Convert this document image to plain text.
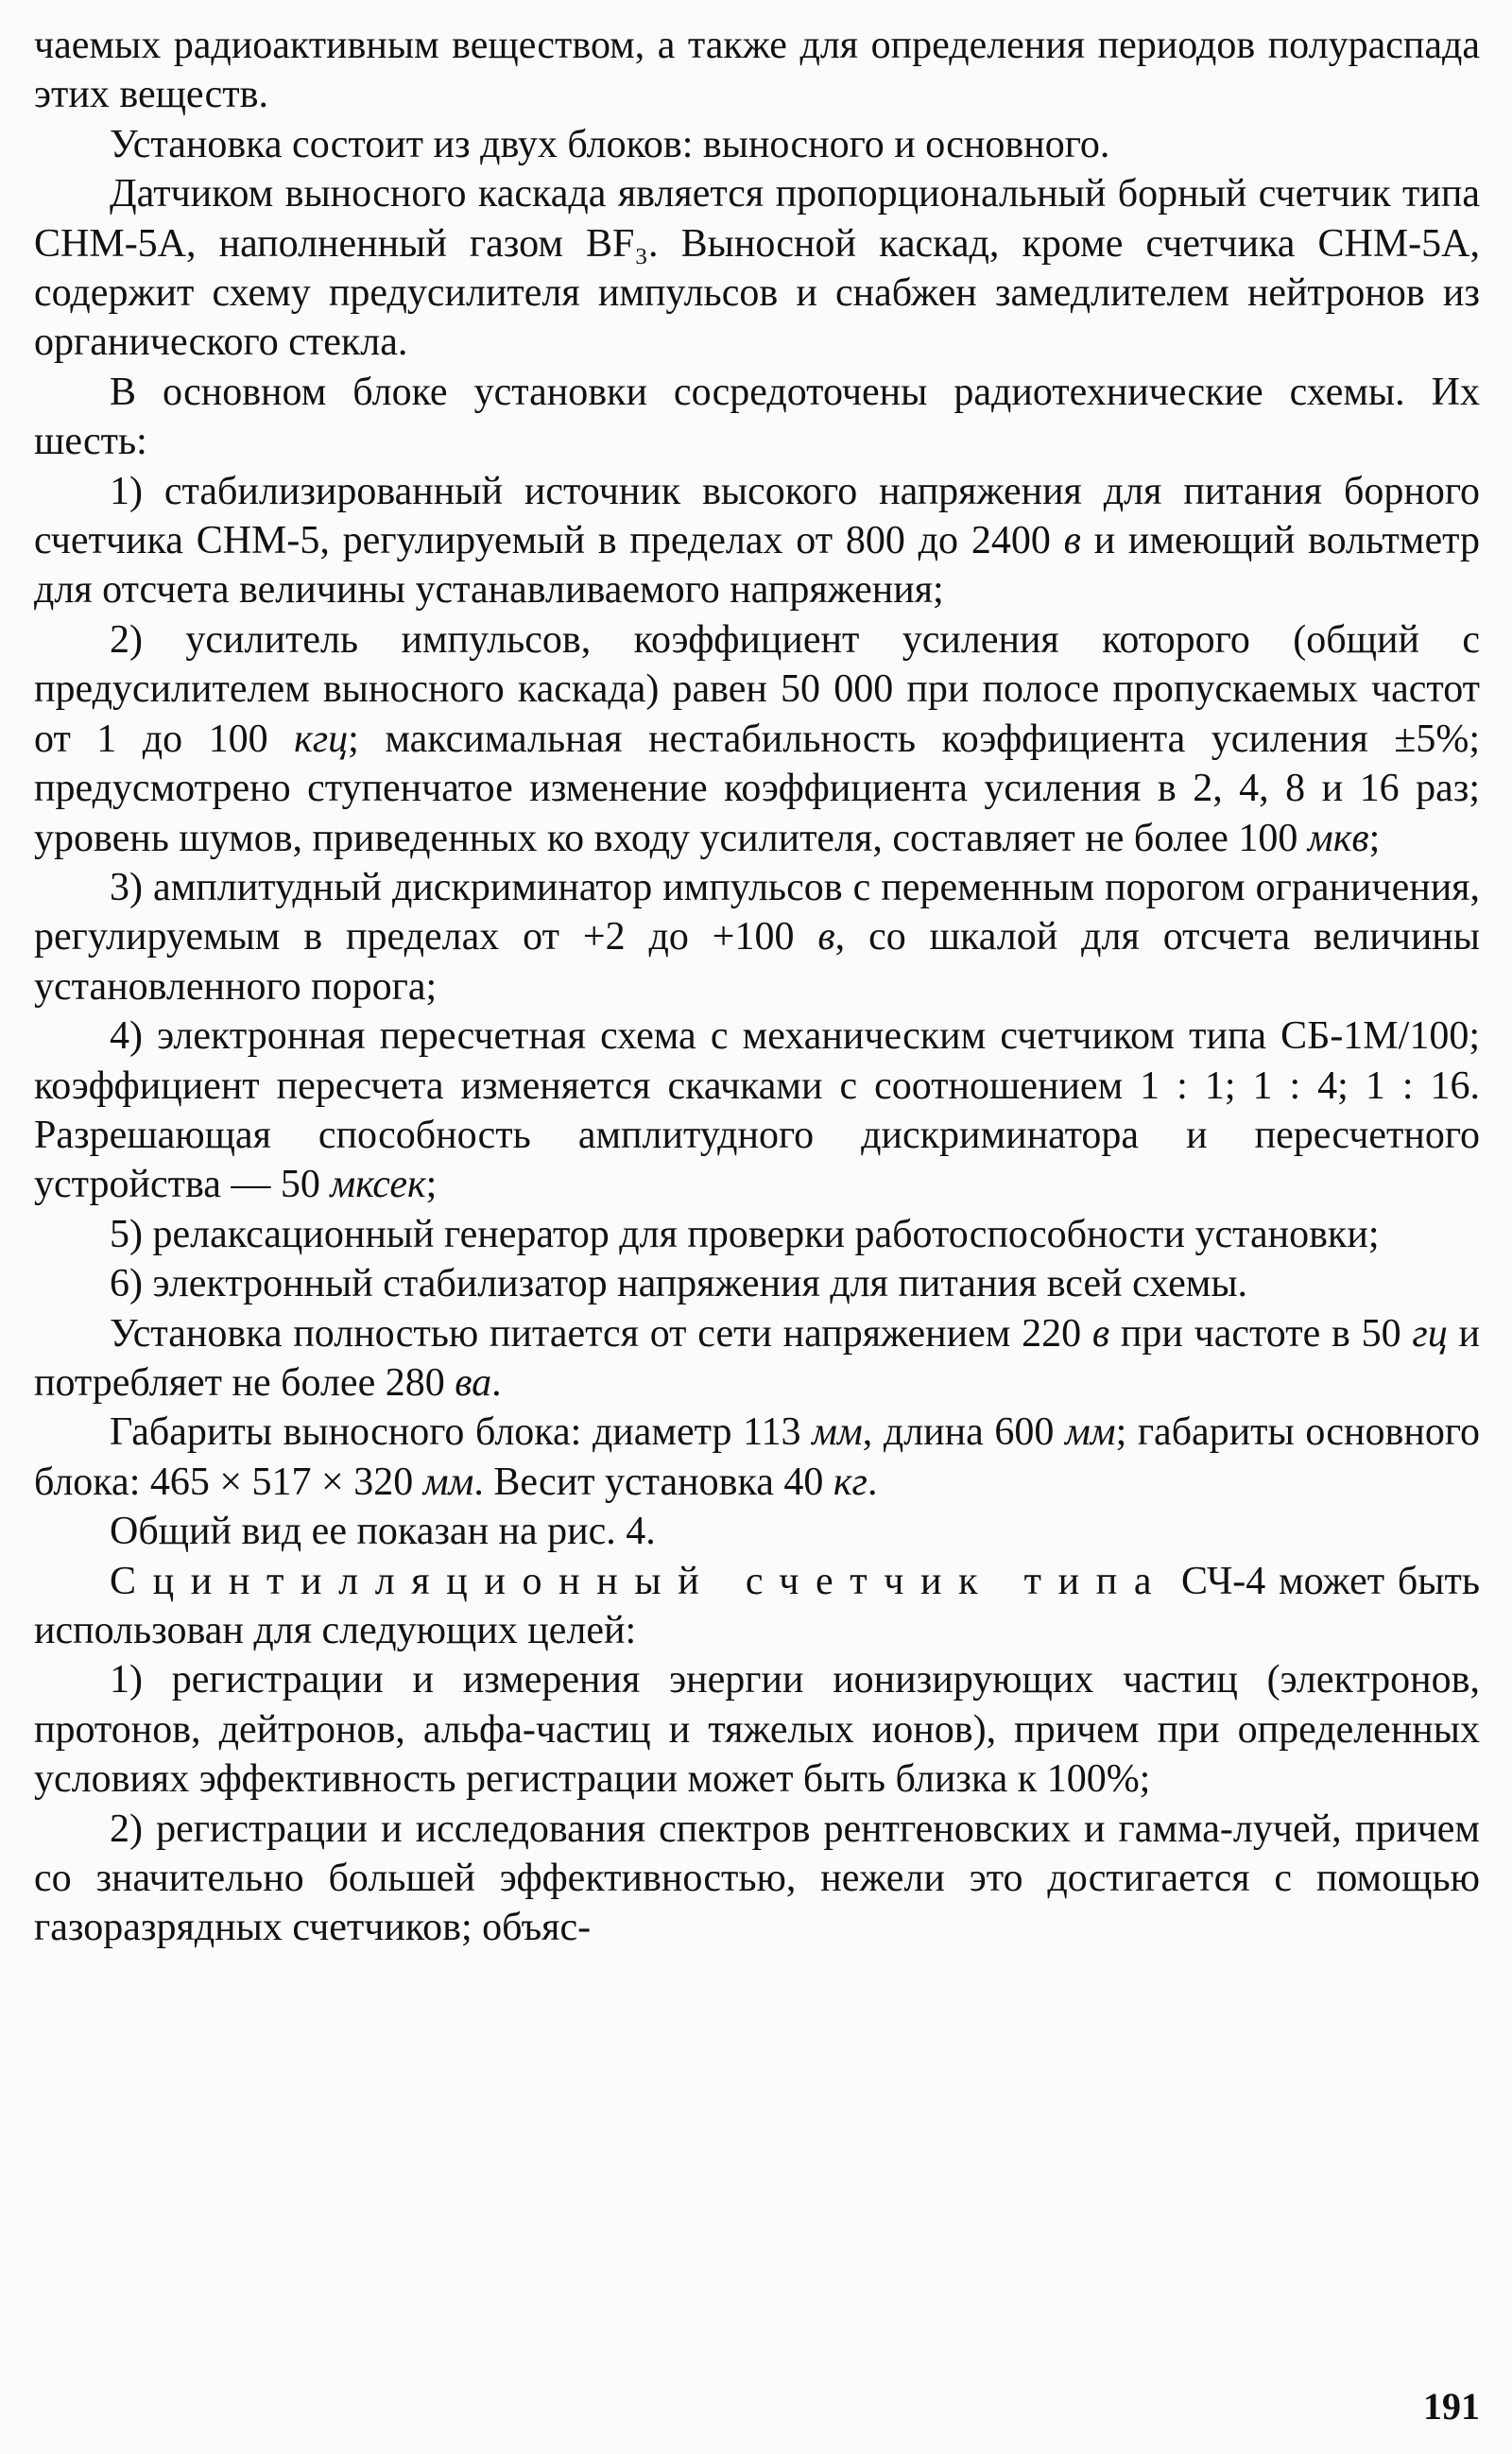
чаемых радиоактивным веществом, а также для определения периодов полураспада этих веществ.

Установка состоит из двух блоков: выносного и основного.

Датчиком выносного каскада является пропорциональный борный счетчик типа СНМ-5А, наполненный газом BF₃. Выносной каскад, кроме счетчика СНМ-5А, содержит схему предусилителя импульсов и снабжен замедлителем нейтронов из органического стекла.

В основном блоке установки сосредоточены радиотехнические схемы. Их шесть:

1) стабилизированный источник высокого напряжения для питания борного счетчика СНМ-5, регулируемый в пределах от 800 до 2400 в и имеющий вольтметр для отсчета величины устанавливаемого напряжения;

2) усилитель импульсов, коэффициент усиления которого (общий с предусилителем выносного каскада) равен 50 000 при полосе пропускаемых частот от 1 до 100 кгц; максимальная нестабильность коэффициента усиления ±5%; предусмотрено ступенчатое изменение коэффициента усиления в 2, 4, 8 и 16 раз; уровень шумов, приведенных ко входу усилителя, составляет не более 100 мкв;

3) амплитудный дискриминатор импульсов с переменным порогом ограничения, регулируемым в пределах от +2 до +100 в, со шкалой для отсчета величины установленного порога;

4) электронная пересчетная схема с механическим счетчиком типа СБ-1М/100; коэффициент пересчета изменяется скачками с соотношением 1 : 1; 1 : 4; 1 : 16. Разрешающая способность амплитудного дискриминатора и пересчетного устройства — 50 мксек;

5) релаксационный генератор для проверки работоспособности установки;

6) электронный стабилизатор напряжения для питания всей схемы.

Установка полностью питается от сети напряжением 220 в при частоте в 50 гц и потребляет не более 280 ва.

Габариты выносного блока: диаметр 113 мм, длина 600 мм; габариты основного блока: 465 × 517 × 320 мм. Весит установка 40 кг.

Общий вид ее показан на рис. 4.

Сцинтилляционный счетчик типа СЧ-4 может быть использован для следующих целей:

1) регистрации и измерения энергии ионизирующих частиц (электронов, протонов, дейтронов, альфа-частиц и тяжелых ионов), причем при определенных условиях эффективность регистрации может быть близка к 100%;

2) регистрации и исследования спектров рентгеновских и гамма-лучей, причем со значительно большей эффективностью, нежели это достигается с помощью газоразрядных счетчиков; объяс-

191
